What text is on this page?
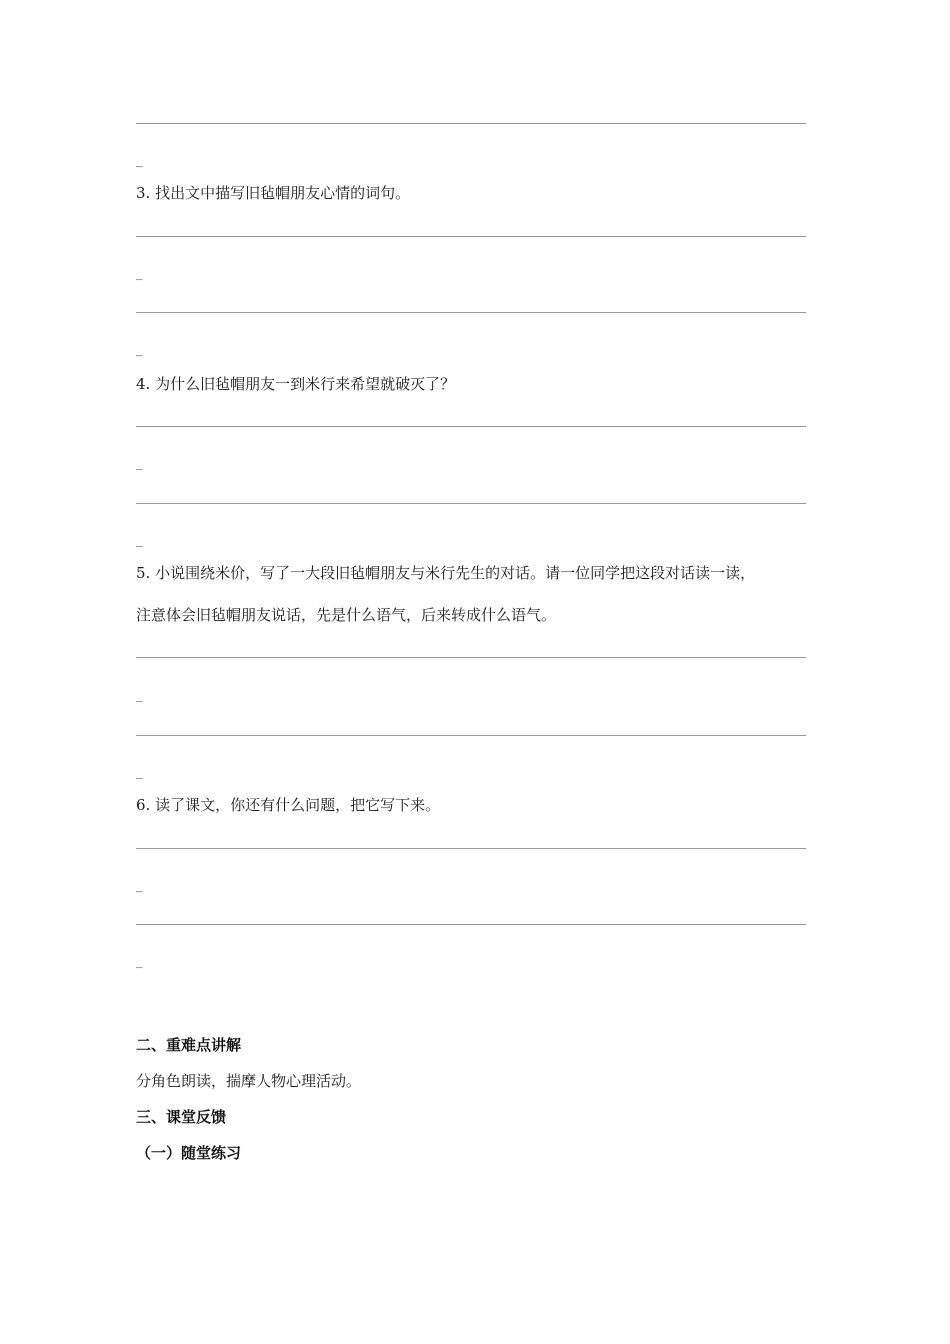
_
3. 找出文中描写旧毡帽朋友心情的词句。
_
_
4. 为什么旧毡帽朋友一到米行来希望就破灭了？
_
_
5. 小说围绕米价，写了一大段旧毡帽朋友与米行先生的对话。请一位同学把这段对话读一读，
注意体会旧毡帽朋友说话，先是什么语气，后来转成什么语气。
_
_
6. 读了课文，你还有什么问题，把它写下来。
_
_
二、重难点讲解
分角色朗读，揣摩人物心理活动。
三、课堂反馈
（一）随堂练习
